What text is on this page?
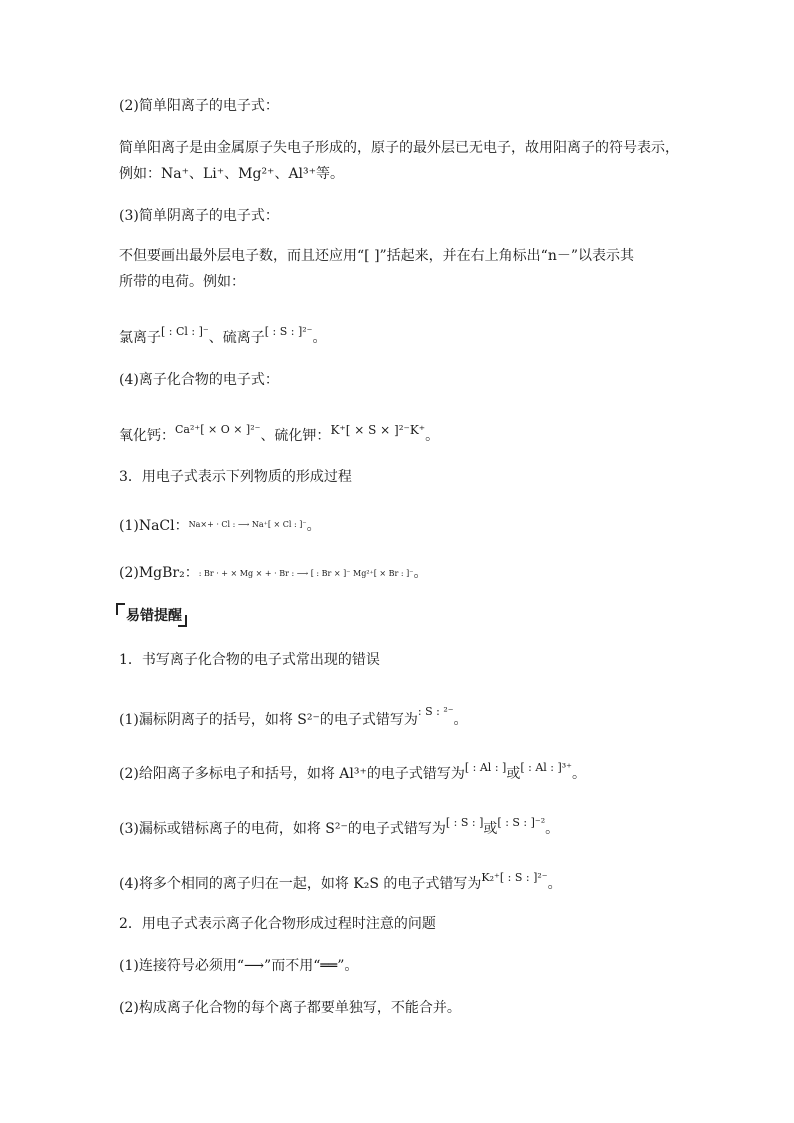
(2)简单阳离子的电子式：
简单阳离子是由金属原子失电子形成的，原子的最外层已无电子，故用阳离子的符号表示，
例如：Na⁺、Li⁺、Mg²⁺、Al³⁺等。
(3)简单阴离子的电子式：
不但要画出最外层电子数，而且还应用“[ ]”括起来，并在右上角标出“n－”以表示其
所带的电荷。例如：
氯离子[ : Cl : ]⁻、硫离子[ : S : ]²⁻。
(4)离子化合物的电子式：
氧化钙：Ca²⁺[ × O × ]²⁻、硫化钾：K⁺[ × S × ]²⁻K⁺。
3．用电子式表示下列物质的形成过程
(1)NaCl：Na×+ · Cl : ⟶ Na⁺[ × Cl : ]⁻。
(2)MgBr₂：: Br · + × Mg × + · Br : ⟶ [ : Br × ]⁻ Mg²⁺[ × Br : ]⁻。
易错提醒
1．书写离子化合物的电子式常出现的错误
(1)漏标阴离子的括号，如将 S²⁻的电子式错写为: S : ²⁻。
(2)给阳离子多标电子和括号，如将 Al³⁺的电子式错写为[ : Al : ]或[ : Al : ]³⁺。
(3)漏标或错标离子的电荷，如将 S²⁻的电子式错写为[ : S : ]或[ : S : ]⁻²。
(4)将多个相同的离子归在一起，如将 K₂S 的电子式错写为K₂⁺[ : S : ]²⁻。
2．用电子式表示离子化合物形成过程时注意的问题
(1)连接符号必须用“⟶”而不用“══”。
(2)构成离子化合物的每个离子都要单独写，不能合并。
